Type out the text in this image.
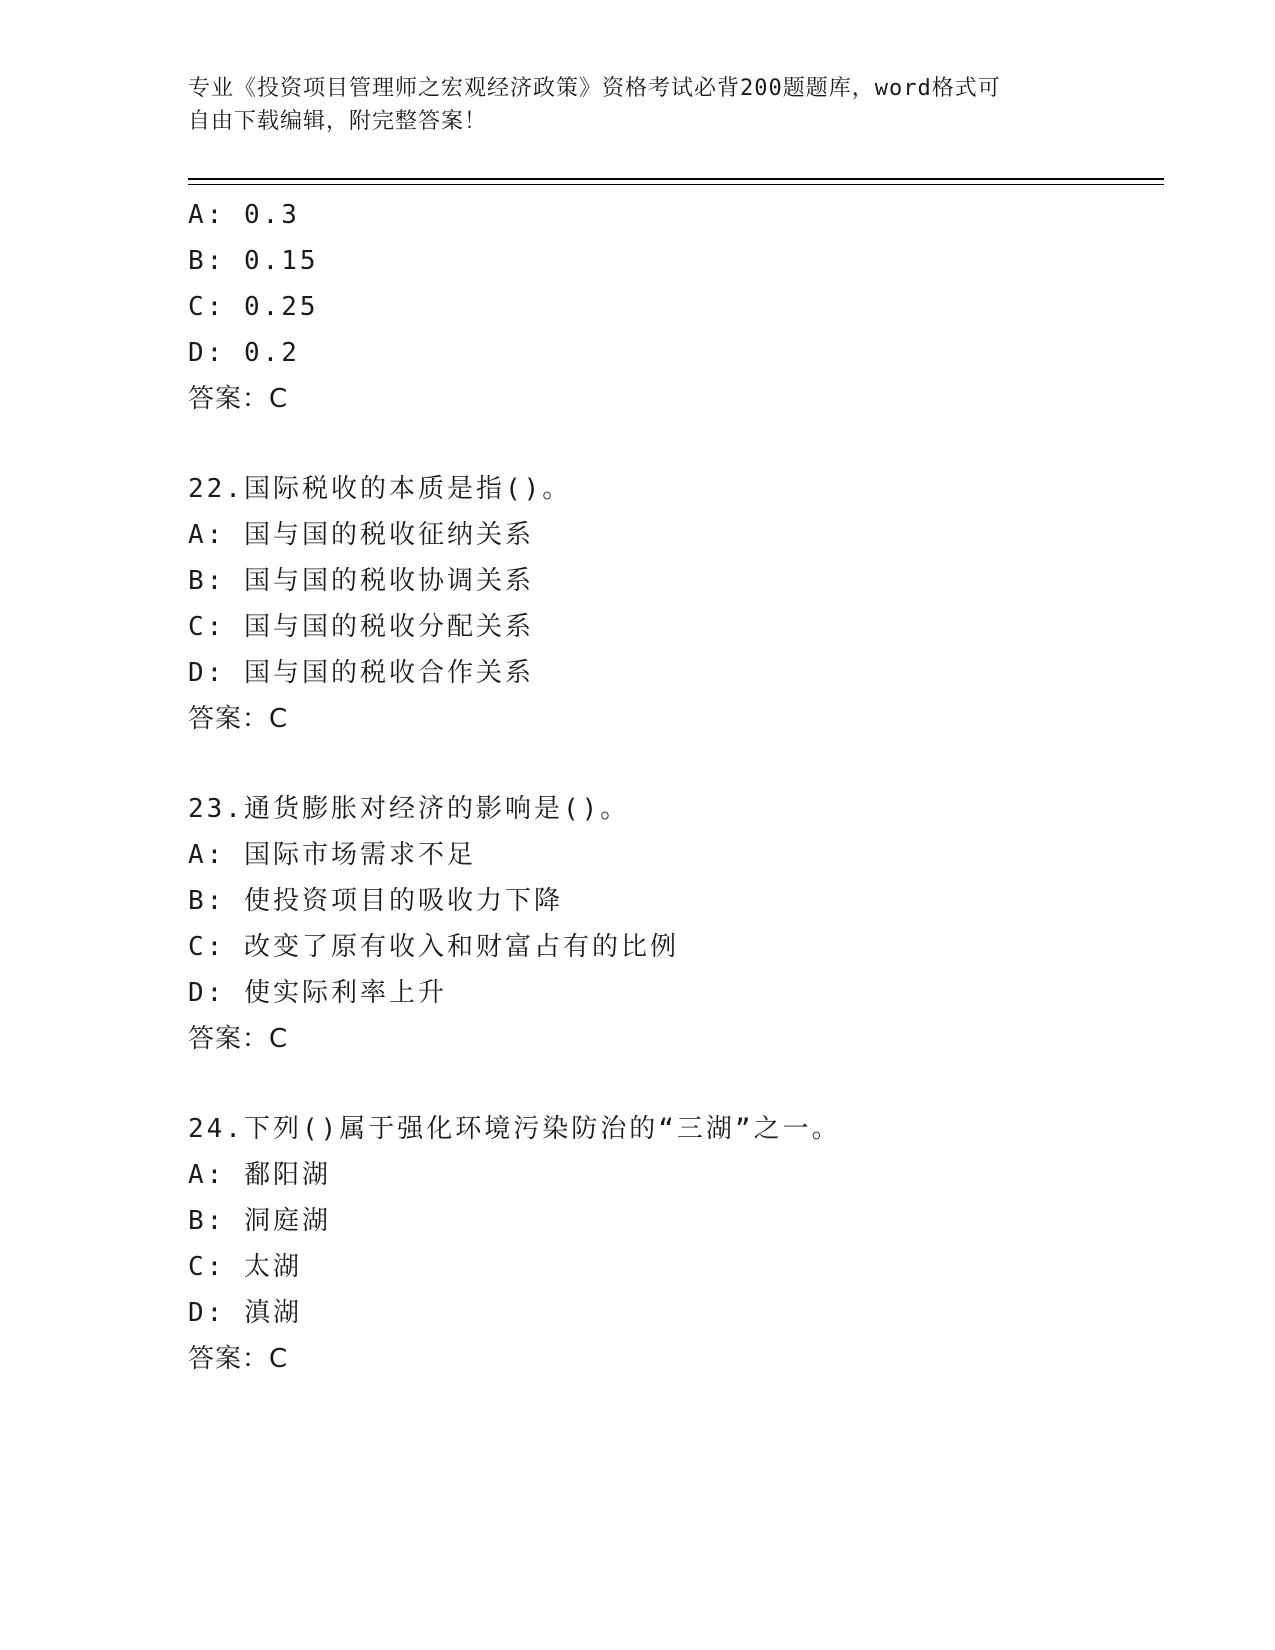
专业《投资项目管理师之宏观经济政策》资格考试必背200题题库，word格式可
自由下载编辑，附完整答案！
A: 0.3
B: 0.15
C: 0.25
D: 0.2
答案：C
22.国际税收的本质是指()。
A: 国与国的税收征纳关系
B: 国与国的税收协调关系
C: 国与国的税收分配关系
D: 国与国的税收合作关系
答案：C
23.通货膨胀对经济的影响是()。
A: 国际市场需求不足
B: 使投资项目的吸收力下降
C: 改变了原有收入和财富占有的比例
D: 使实际利率上升
答案：C
24.下列()属于强化环境污染防治的“三湖”之一。
A: 鄱阳湖
B: 洞庭湖
C: 太湖
D: 滇湖
答案：C
